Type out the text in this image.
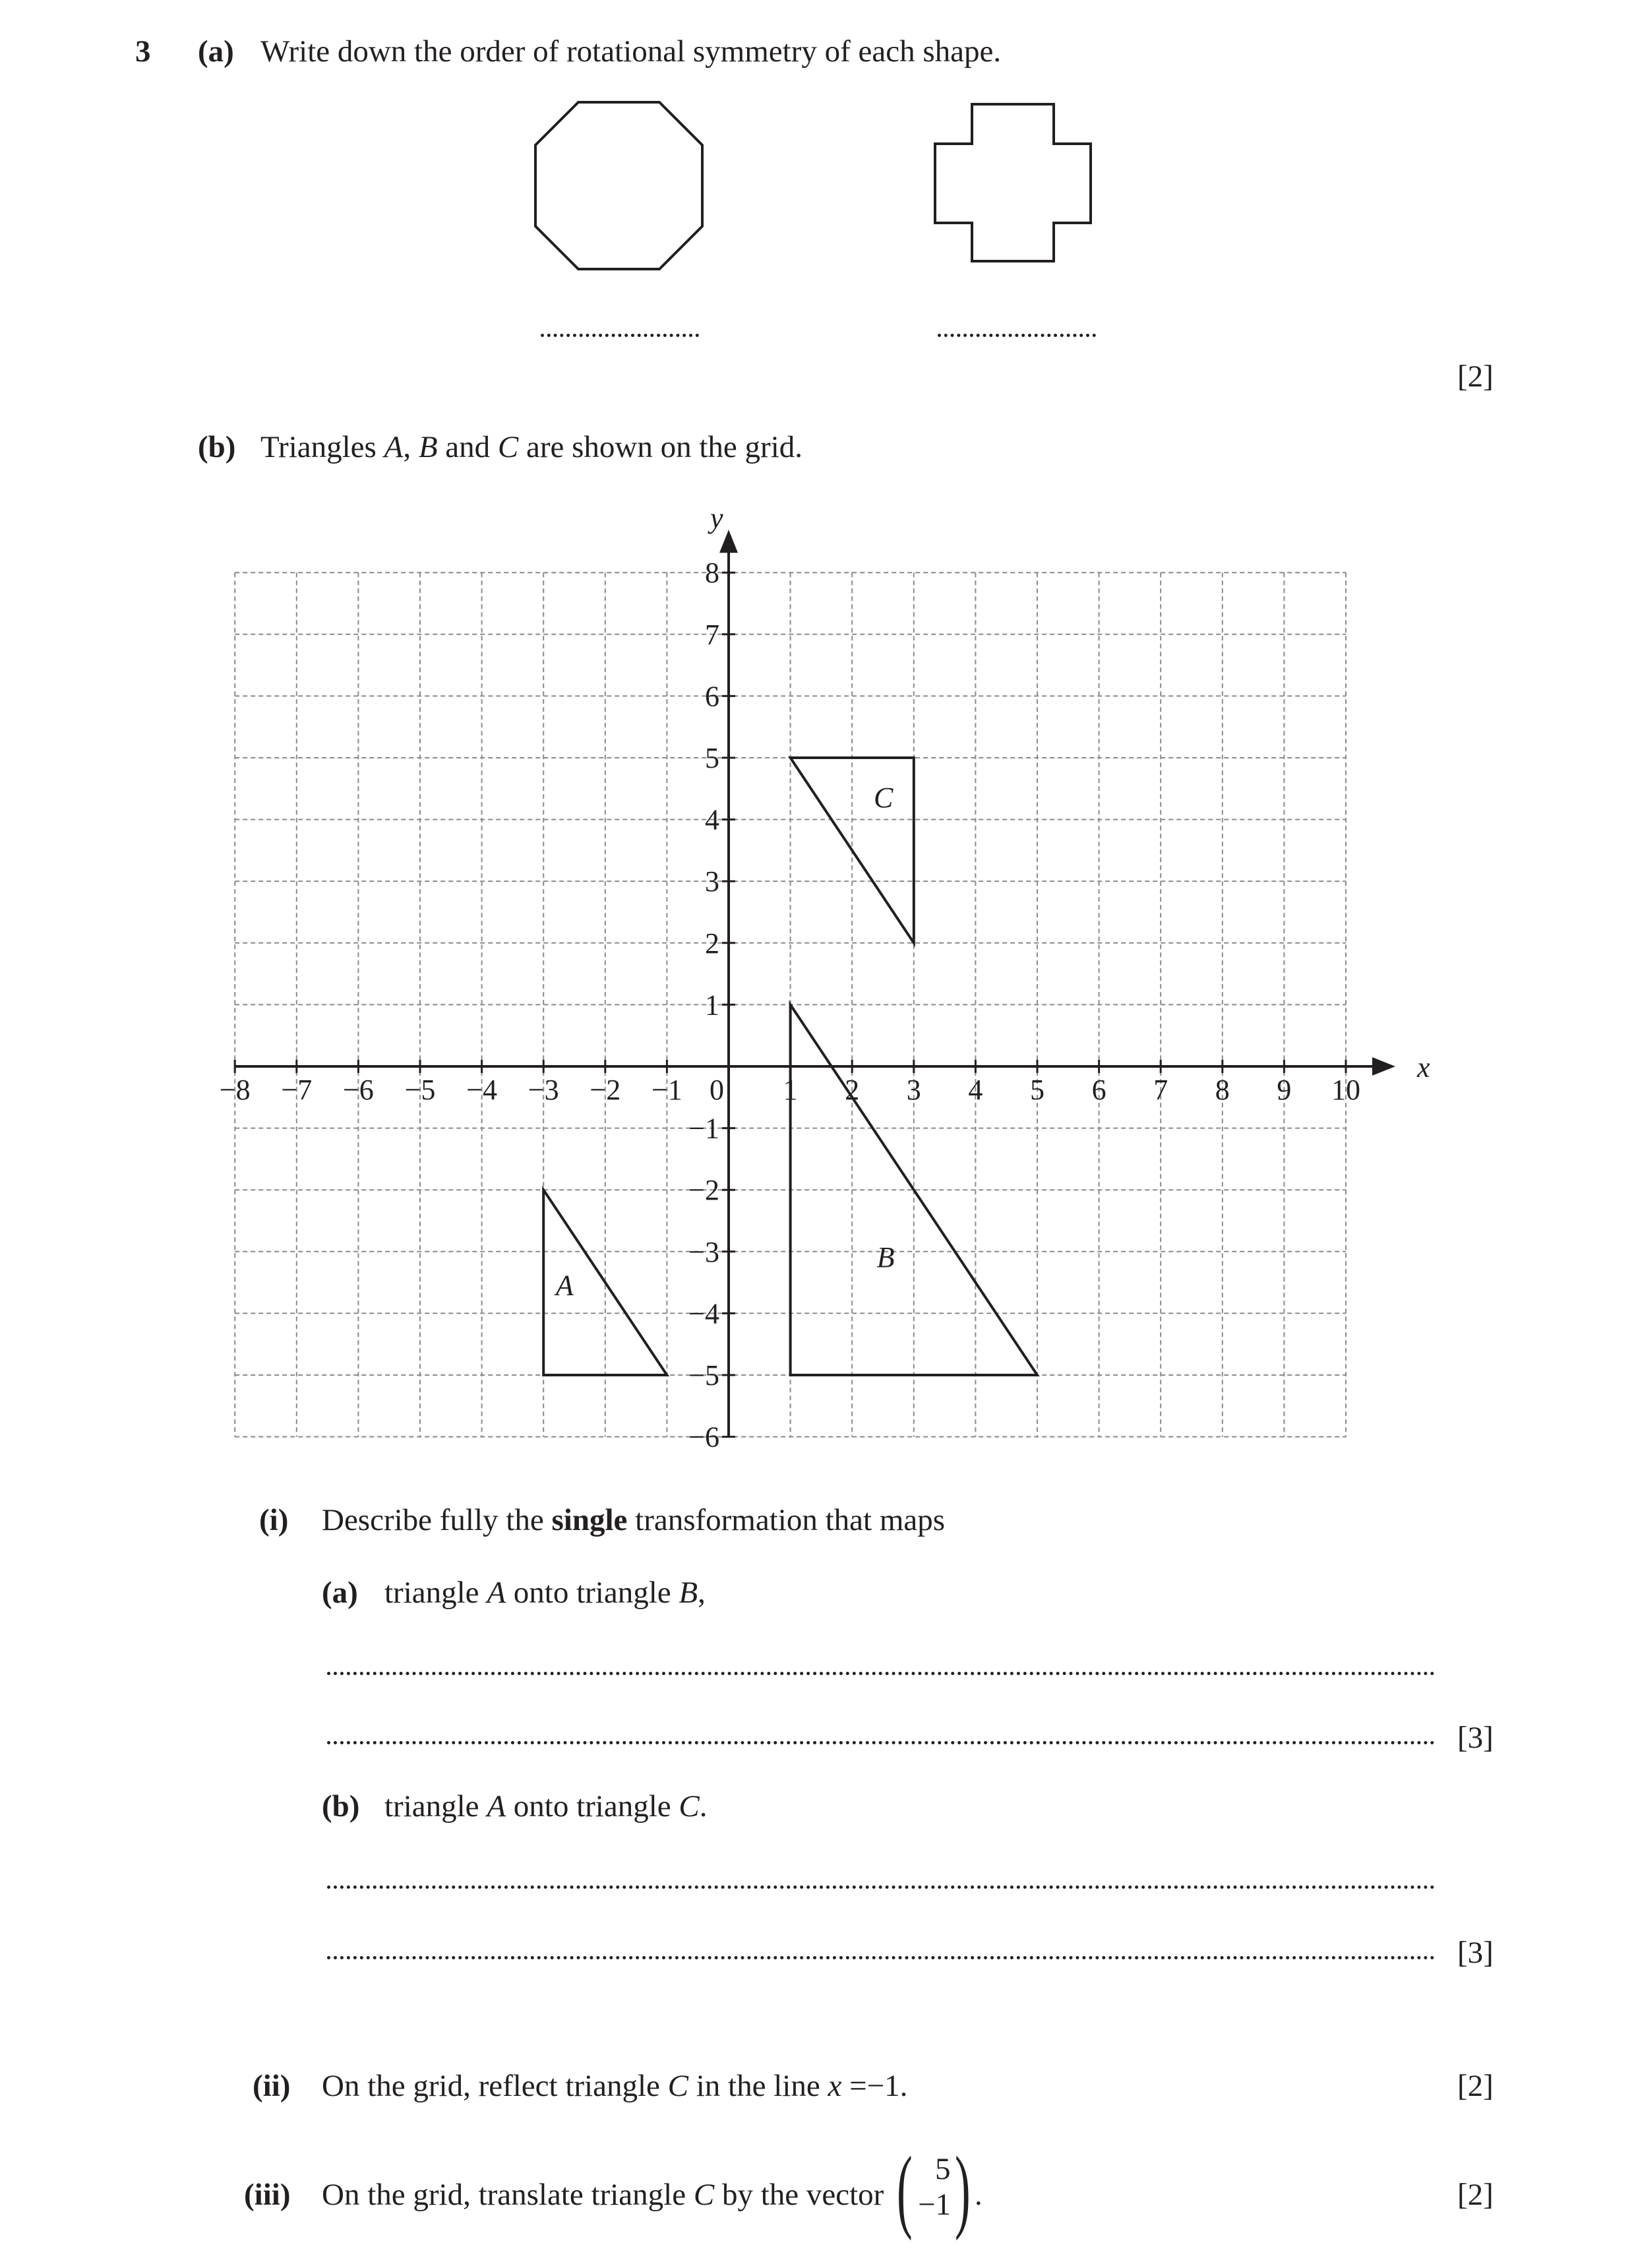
3 (a) Write down the order of rotational symmetry of each shape.
[2]
(b) Triangles A, B and C are shown on the grid.
x
y
−8 −7 −6 −5 −4 −3 −2 −1 0 1 2 3 4 5 6 7 8 9 10
8
7
6
5
4
3
2
1
−1
−2
−3
−4
−5
−6
A
B
C
(i) Describe fully the single transformation that maps
(a) triangle A onto triangle B,
[3]
(b) triangle A onto triangle C.
[3]
(ii) On the grid, reflect triangle C in the line x =−1.	[2]
(iii) On the grid, translate triangle C by the vector ( 5
−1 ) .	[2]
